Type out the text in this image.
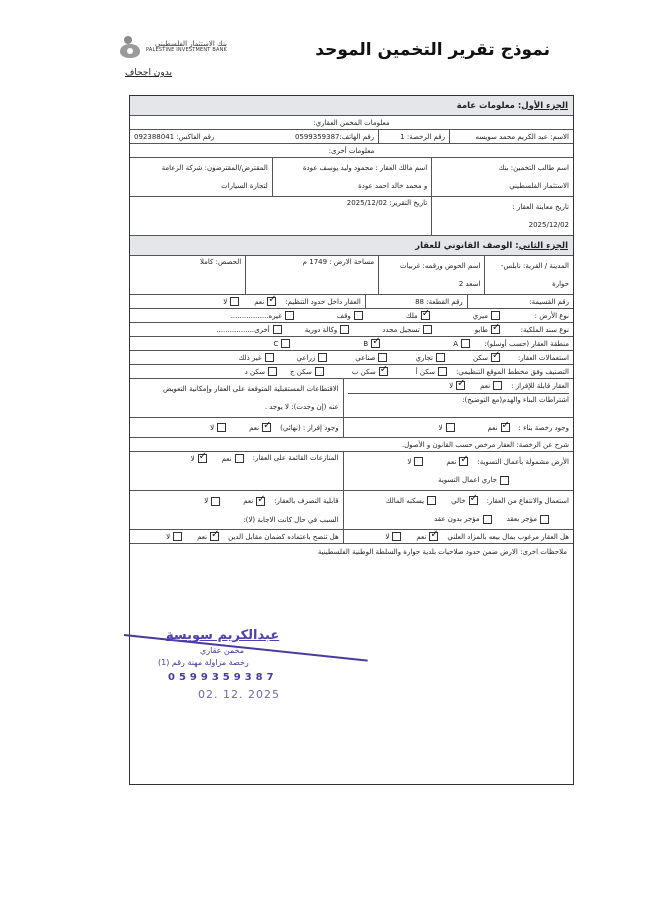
بنك الاستثمار الفلسطيني
PALESTINE INVESTMENT BANK
بدون اجحاف
نموذج تقرير التخمين الموحد
الجزء الأول
: معلومات عامة
معلومات المخمن العقاري:
الاسم: عبد الكريم محمد سويسه
رقم الرخصة: 1
رقم الهاتف:0599359387
رقم الفاكس: 092388041
معلومات أخرى:
اسم طالب التخمين: بنك
الاستثمار الفلسطيني
اسم مالك العقار : محمود وليد يوسف عودة
و محمد خالد احمد عودة
المقترض/المقترضون: شركة الزعامة
لتجارة السيارات
تاريخ معاينة العقار :
2025/12/02
تاريخ التقرير: 2025/12/02
الجزء الثاني
: الوصف القانوني للعقار
المدينة / القرية: نابلس-
حوارة
اسم الحوض ورقمه: غربيات
اسعد 2
مساحة الارض : 1749 م
الحصص: كاملا
رقم القسيمة:
رقم القطعة: 88
العقار داخل حدود التنظيم:
✓
نعم
لا
نوع الأرض :
ميري
✓
ملك
وقف
غيره.................
نوع سند الملكية:
✓
طابو
تسجيل مجدد
وكالة دورية
أخرى.................
منطقة العقار (حسب أوسلو):
A
✓
B
C
استعمالات العقار:
✓
سكن
تجاري
صناعي
زراعي
غير ذلك
التصنيف وفق مخطط الموقع التنظيمي:
سكن أ
✓
سكن ب
سكن ج
سكن د
العقار قابلة للإفراز :
نعم
✓
لا
اشتراطات البناء والهدم(مع التوضيح):
الاقتطاعات المستقبلية المتوقعة على العقار وإمكانية التعويض
عنه (إن وجدت): لا يوجد .
وجود رخصة بناء :
✓
نعم
لا
وجود إفراز : (نهائي)
✓
نعم
لا
شرح عن الرخصة: العقار مرخص حسب القانون و الأصول.
الأرض مشمولة بأعمال التسوية:
✓
نعم
لا
جاري اعمال التسوية
المنازعات القائمة على العقار:
نعم
✓
لا
استعمال والانتفاع من العقار:
✓
خالي
يسكنه المالك
مؤجر بعقد
مؤجر بدون عقد
قابلية التصرف بالعقار:
✓
نعم
لا
السبب في حال كانت الاجابة (لا):
هل العقار مرغوب بمال بيعه بالمزاد العلني
✓
نعم
لا
هل تنصح باعتماده كضمان مقابل الدين
✓
نعم
لا
ملاحظات اخرى: الارض ضمن حدود صلاحيات بلدية حوارة والسلطة الوطنية الفلسطينية
عبدالكريم سويسة
مخمن عقاري
رخصة مزاولة مهنة رقم (1)
0599359387
02. 12. 2025
